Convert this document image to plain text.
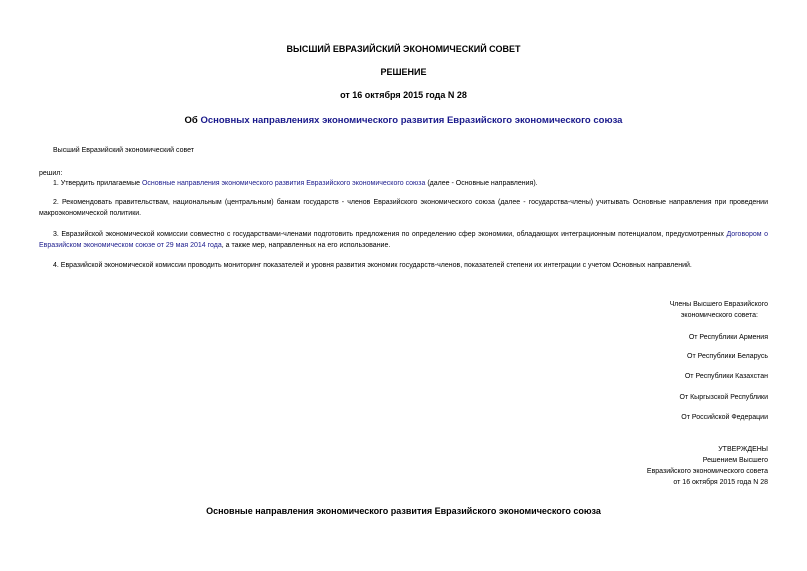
ВЫСШИЙ ЕВРАЗИЙСКИЙ ЭКОНОМИЧЕСКИЙ СОВЕТ
РЕШЕНИЕ
от 16 октября 2015 года N 28
Об Основных направлениях экономического развития Евразийского экономического союза
Высший Евразийский экономический совет
решил:
1. Утвердить прилагаемые Основные направления экономического развития Евразийского экономического союза (далее - Основные направления).
2. Рекомендовать правительствам, национальным (центральным) банкам государств - членов Евразийского экономического союза (далее - государства-члены) учитывать Основные направления при проведении макроэкономической политики.
3. Евразийской экономической комиссии совместно с государствами-членами подготовить предложения по определению сфер экономики, обладающих интеграционным потенциалом, предусмотренных Договором о Евразийском экономическом союзе от 29 мая 2014 года, а также мер, направленных на его использование.
4. Евразийской экономической комиссии проводить мониторинг показателей и уровня развития экономик государств-членов, показателей степени их интеграции с учетом Основных направлений.
Члены Высшего Евразийского
экономического совета:
От Республики Армения
От Республики Беларусь
От Республики Казахстан
От Кыргызской Республики
От Российской Федерации
УТВЕРЖДЕНЫ
Решением Высшего
Евразийского экономического совета
от 16 октября 2015 года N 28
Основные направления экономического развития Евразийского экономического союза
